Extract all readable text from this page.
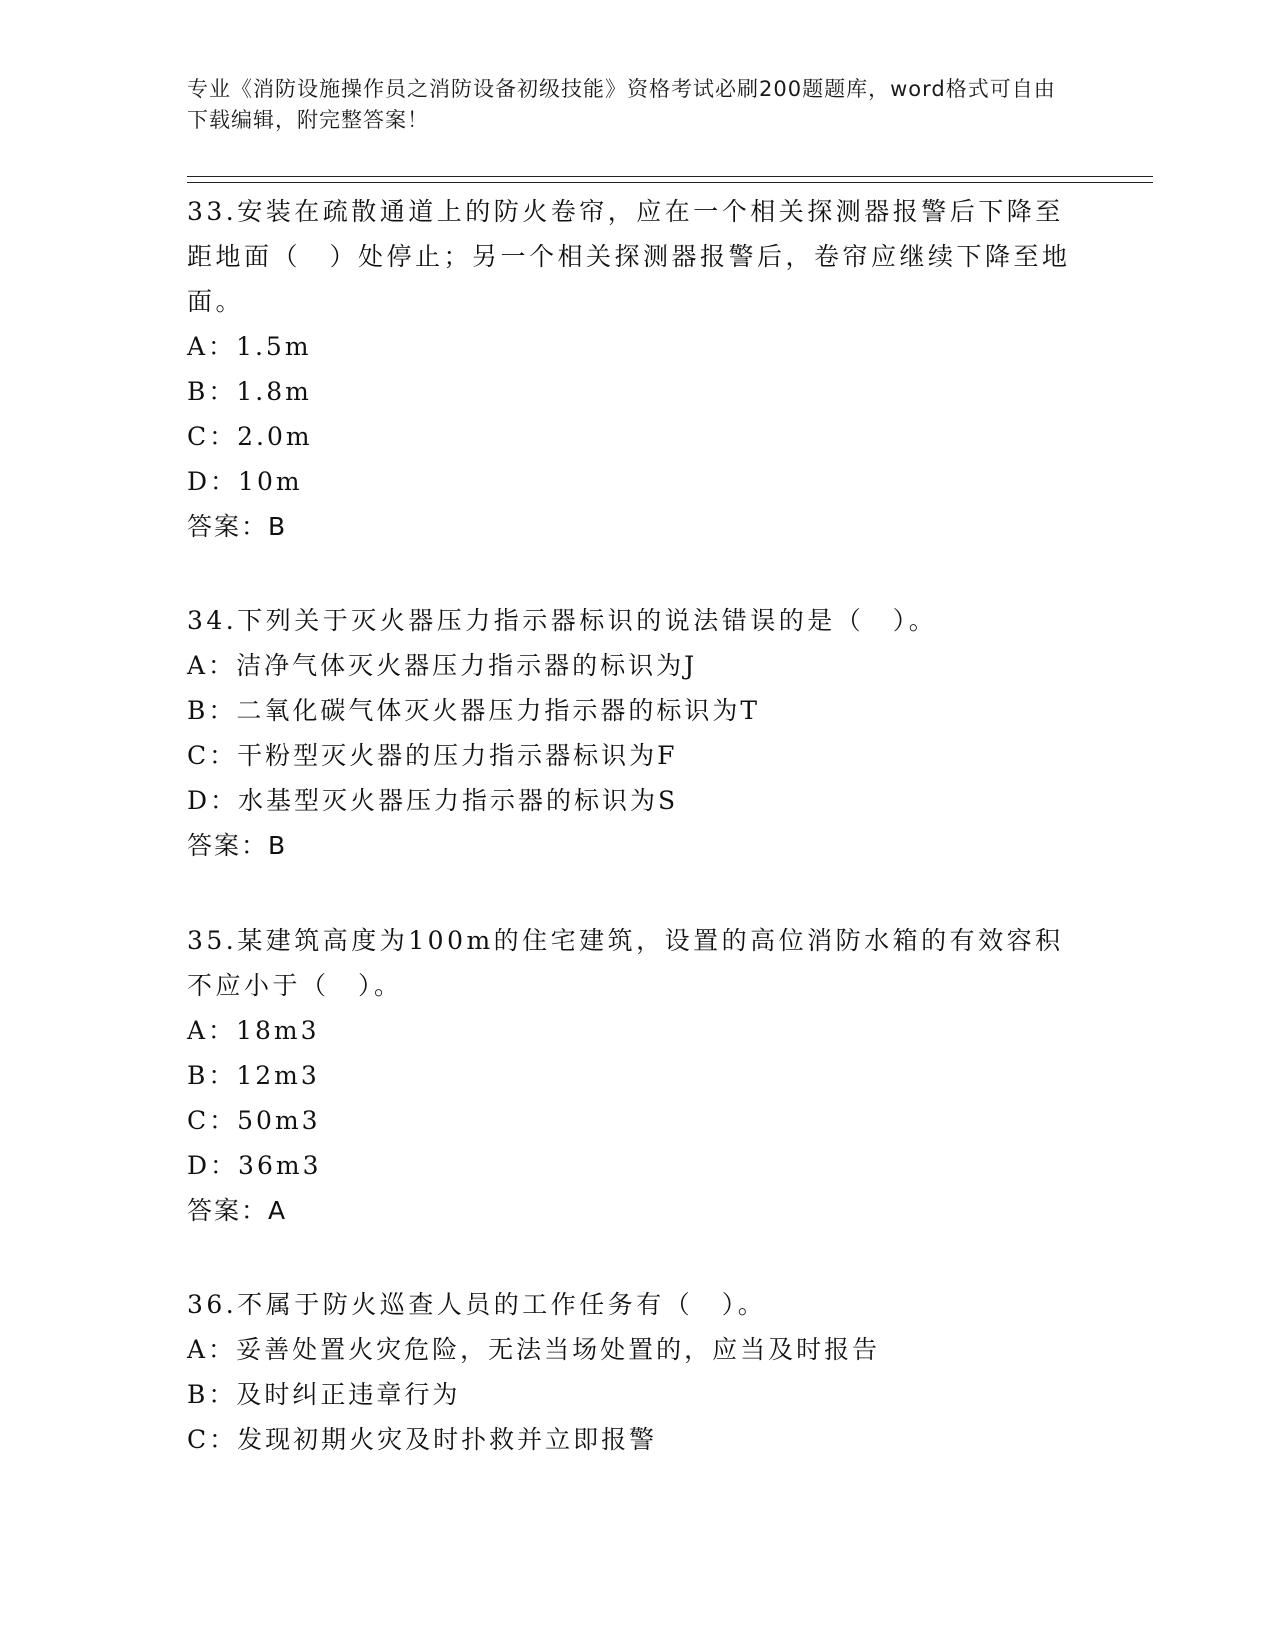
专业《消防设施操作员之消防设备初级技能》资格考试必刷200题题库，word格式可自由下载编辑，附完整答案！

33.安装在疏散通道上的防火卷帘，应在一个相关探测器报警后下降至距地面（　）处停止；另一个相关探测器报警后，卷帘应继续下降至地面。

A：1.5m

B：1.8m

C：2.0m

D：10m

答案：B

34.下列关于灭火器压力指示器标识的说法错误的是（　）。

A：洁净气体灭火器压力指示器的标识为J

B：二氧化碳气体灭火器压力指示器的标识为T

C：干粉型灭火器的压力指示器标识为F

D：水基型灭火器压力指示器的标识为S

答案：B

35.某建筑高度为100m的住宅建筑，设置的高位消防水箱的有效容积不应小于（　）。

A：18m3

B：12m3

C：50m3

D：36m3

答案：A

36.不属于防火巡查人员的工作任务有（　）。

A：妥善处置火灾危险，无法当场处置的，应当及时报告

B：及时纠正违章行为

C：发现初期火灾及时扑救并立即报警
